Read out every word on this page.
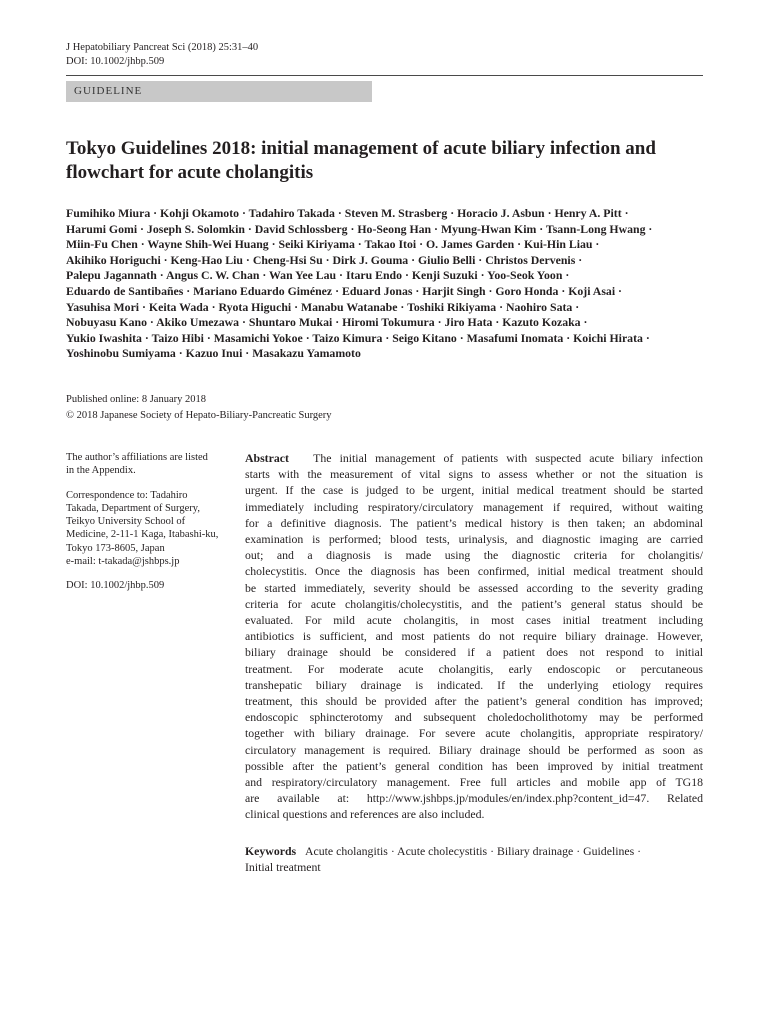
J Hepatobiliary Pancreat Sci (2018) 25:31–40
DOI: 10.1002/jhbp.509
GUIDELINE
Tokyo Guidelines 2018: initial management of acute biliary infection and flowchart for acute cholangitis
Fumihiko Miura · Kohji Okamoto · Tadahiro Takada · Steven M. Strasberg · Horacio J. Asbun · Henry A. Pitt ·
Harumi Gomi · Joseph S. Solomkin · David Schlossberg · Ho-Seong Han · Myung-Hwan Kim · Tsann-Long Hwang ·
Miin-Fu Chen · Wayne Shih-Wei Huang · Seiki Kiriyama · Takao Itoi · O. James Garden · Kui-Hin Liau ·
Akihiko Horiguchi · Keng-Hao Liu · Cheng-Hsi Su · Dirk J. Gouma · Giulio Belli · Christos Dervenis ·
Palepu Jagannath · Angus C. W. Chan · Wan Yee Lau · Itaru Endo · Kenji Suzuki · Yoo-Seok Yoon ·
Eduardo de Santibañes · Mariano Eduardo Giménez · Eduard Jonas · Harjit Singh · Goro Honda · Koji Asai ·
Yasuhisa Mori · Keita Wada · Ryota Higuchi · Manabu Watanabe · Toshiki Rikiyama · Naohiro Sata ·
Nobuyasu Kano · Akiko Umezawa · Shuntaro Mukai · Hiromi Tokumura · Jiro Hata · Kazuto Kozaka ·
Yukio Iwashita · Taizo Hibi · Masamichi Yokoe · Taizo Kimura · Seigo Kitano · Masafumi Inomata · Koichi Hirata ·
Yoshinobu Sumiyama · Kazuo Inui · Masakazu Yamamoto
Published online: 8 January 2018
© 2018 Japanese Society of Hepato-Biliary-Pancreatic Surgery
The author’s affiliations are listed
in the Appendix.
Correspondence to: Tadahiro
Takada, Department of Surgery,
Teikyo University School of
Medicine, 2-11-1 Kaga, Itabashi-ku,
Tokyo 173-8605, Japan
e-mail: t-takada@jshbps.jp
DOI: 10.1002/jhbp.509
Abstract The initial management of patients with suspected acute biliary infection
starts with the measurement of vital signs to assess whether or not the situation is
urgent. If the case is judged to be urgent, initial medical treatment should be started
immediately including respiratory/circulatory management if required, without waiting
for a definitive diagnosis. The patient’s medical history is then taken; an abdominal
examination is performed; blood tests, urinalysis, and diagnostic imaging are carried
out; and a diagnosis is made using the diagnostic criteria for cholangitis/
cholecystitis. Once the diagnosis has been confirmed, initial medical treatment should
be started immediately, severity should be assessed according to the severity grading
criteria for acute cholangitis/cholecystitis, and the patient’s general status should be
evaluated. For mild acute cholangitis, in most cases initial treatment including
antibiotics is sufficient, and most patients do not require biliary drainage. However,
biliary drainage should be considered if a patient does not respond to initial
treatment. For moderate acute cholangitis, early endoscopic or percutaneous
transhepatic biliary drainage is indicated. If the underlying etiology requires
treatment, this should be provided after the patient’s general condition has improved;
endoscopic sphincterotomy and subsequent choledocholithotomy may be performed
together with biliary drainage. For severe acute cholangitis, appropriate respiratory/
circulatory management is required. Biliary drainage should be performed as soon as
possible after the patient’s general condition has been improved by initial treatment
and respiratory/circulatory management. Free full articles and mobile app of TG18
are available at: http://www.jshbps.jp/modules/en/index.php?content_id=47. Related
clinical questions and references are also included.
Keywords Acute cholangitis · Acute cholecystitis · Biliary drainage · Guidelines ·
Initial treatment
